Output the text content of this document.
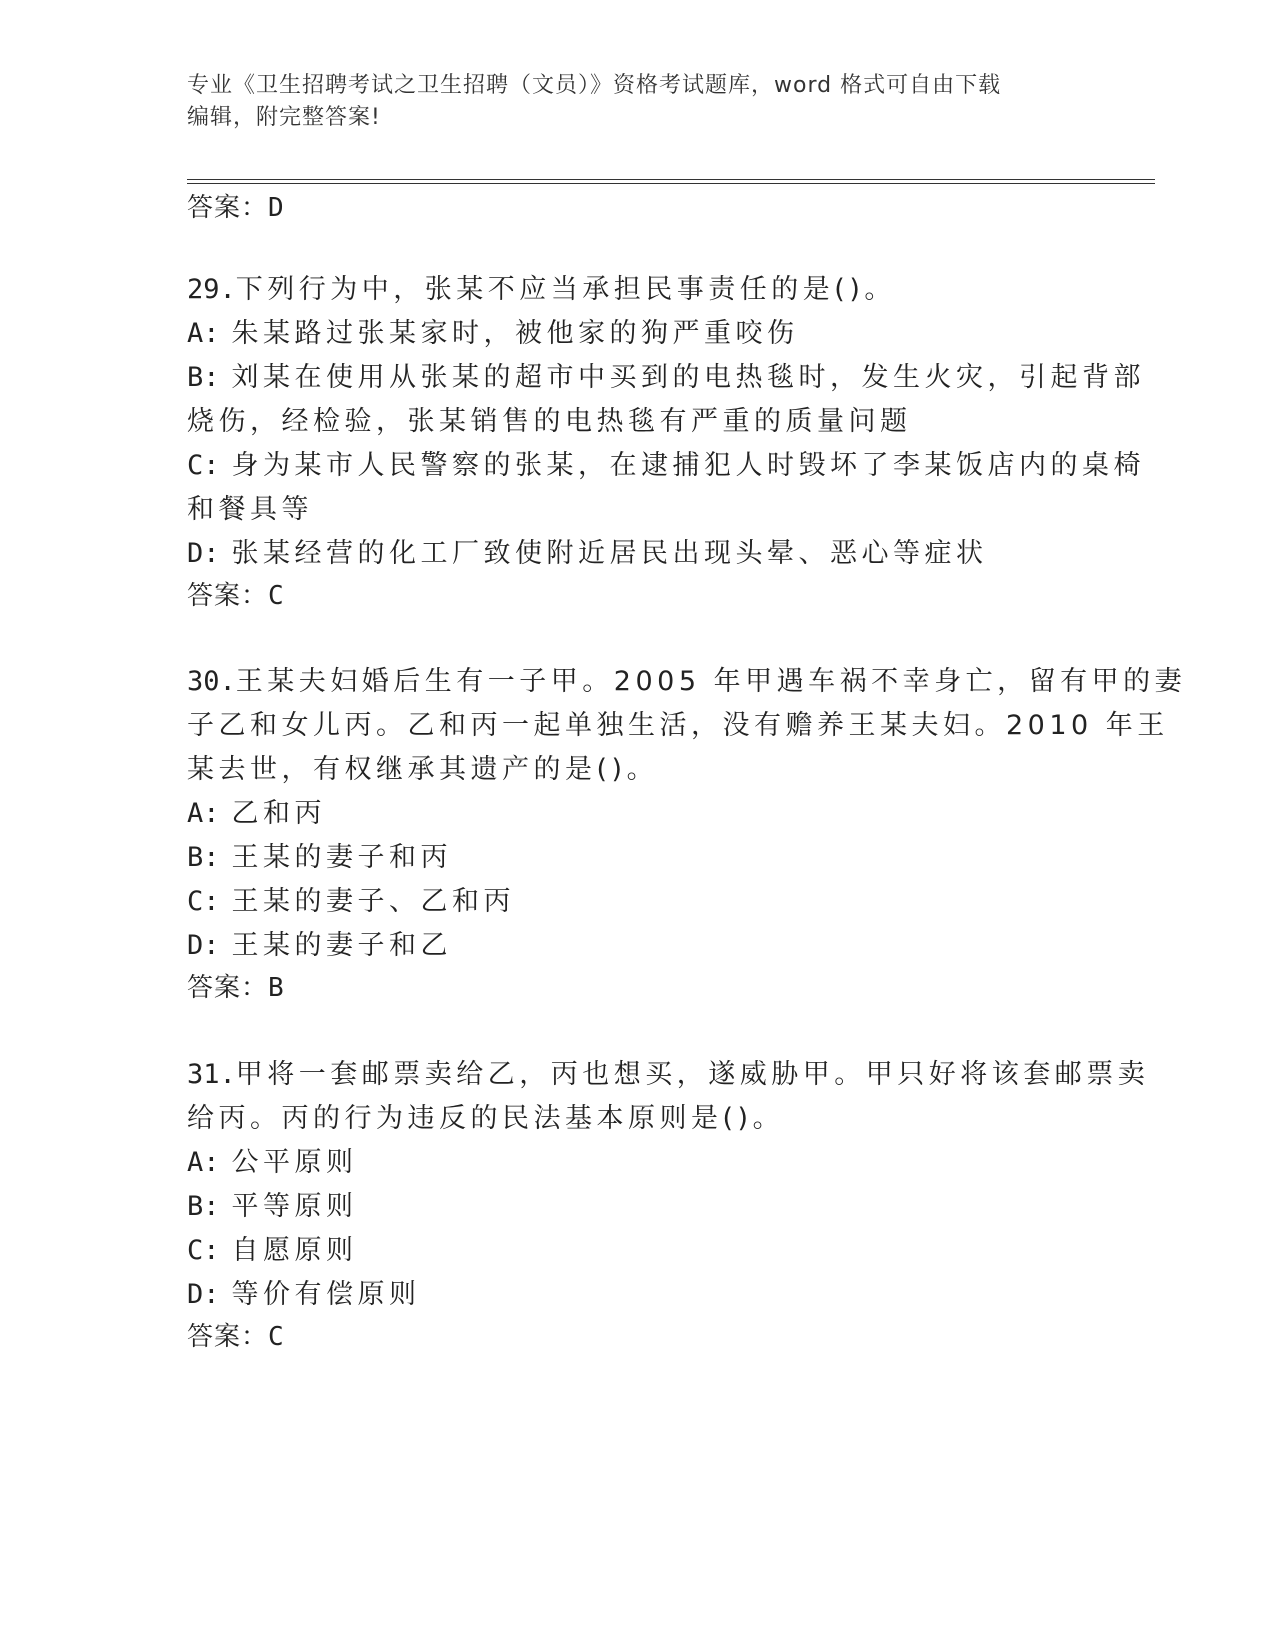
专业《卫生招聘考试之卫生招聘（文员）》资格考试题库，word 格式可自由下载
编辑，附完整答案!
答案：D
29.下列行为中，张某不应当承担民事责任的是()。
A: 朱某路过张某家时，被他家的狗严重咬伤
B: 刘某在使用从张某的超市中买到的电热毯时，发生火灾，引起背部
烧伤，经检验，张某销售的电热毯有严重的质量问题
C: 身为某市人民警察的张某，在逮捕犯人时毁坏了李某饭店内的桌椅
和餐具等
D: 张某经营的化工厂致使附近居民出现头晕、恶心等症状
答案：C
30.王某夫妇婚后生有一子甲。2005 年甲遇车祸不幸身亡，留有甲的妻
子乙和女儿丙。乙和丙一起单独生活，没有赡养王某夫妇。2010 年王
某去世，有权继承其遗产的是()。
A: 乙和丙
B: 王某的妻子和丙
C: 王某的妻子、乙和丙
D: 王某的妻子和乙
答案：B
31.甲将一套邮票卖给乙，丙也想买，遂威胁甲。甲只好将该套邮票卖
给丙。丙的行为违反的民法基本原则是()。
A: 公平原则
B: 平等原则
C: 自愿原则
D: 等价有偿原则
答案：C
